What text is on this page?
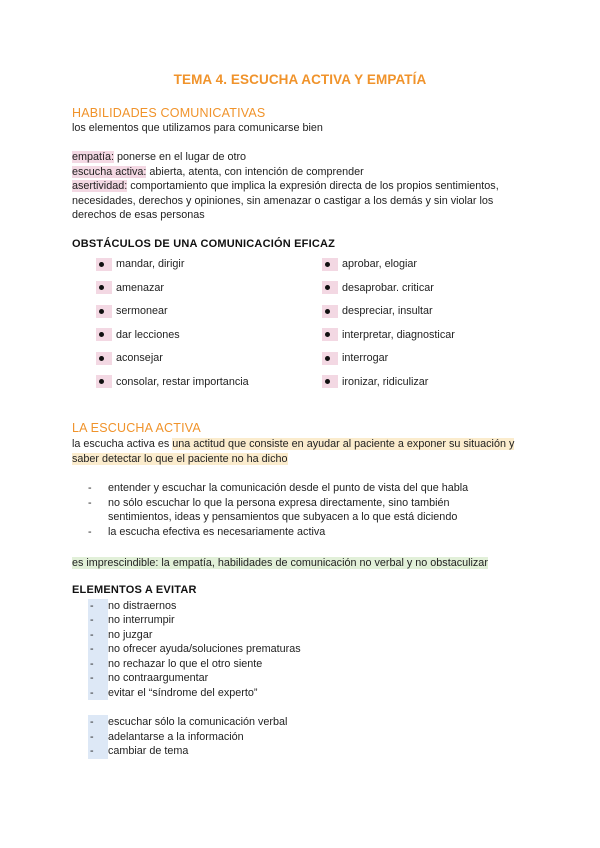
TEMA 4. ESCUCHA ACTIVA Y EMPATÍA
HABILIDADES COMUNICATIVAS
los elementos que utilizamos para comunicarse bien
empatía: ponerse en el lugar de otro
escucha activa: abierta, atenta, con intención de comprender
asertividad: comportamiento que implica la expresión directa de los propios sentimientos, necesidades, derechos y opiniones, sin amenazar o castigar a los demás y sin violar los derechos de esas personas
OBSTÁCULOS DE UNA COMUNICACIÓN EFICAZ
mandar, dirigir
amenazar
sermonear
dar lecciones
aconsejar
consolar, restar importancia
aprobar, elogiar
desaprobar. criticar
despreciar, insultar
interpretar, diagnosticar
interrogar
ironizar, ridiculizar
LA ESCUCHA ACTIVA
la escucha activa es una actitud que consiste en ayudar al paciente a exponer su situación y
saber detectar lo que el paciente no ha dicho
-	entender y escuchar la comunicación desde el punto de vista del que habla
-	no sólo escuchar lo que la persona expresa directamente, sino también sentimientos, ideas y pensamientos que subyacen a lo que está diciendo
-	la escucha efectiva es necesariamente activa
es imprescindible: la empatía, habilidades de comunicación no verbal y no obstaculizar
ELEMENTOS A EVITAR
- no distraernos
- no interrumpir
- no juzgar
- no ofrecer ayuda/soluciones prematuras
- no rechazar lo que el otro siente
- no contraargumentar
- evitar el “síndrome del experto”
- escuchar sólo la comunicación verbal
- adelantarse a la información
- cambiar de tema
